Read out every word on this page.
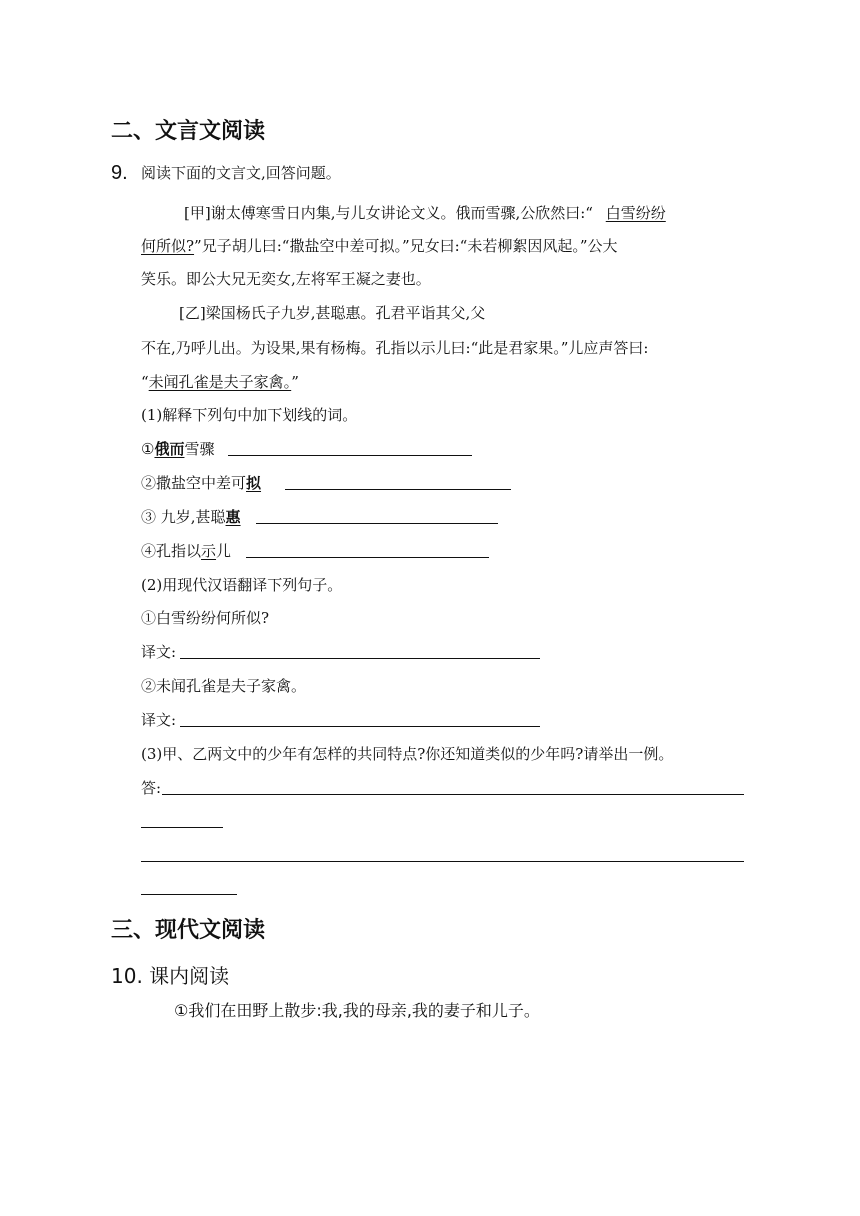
二、文言文阅读
9. 阅读下面的文言文,回答问题。
[甲]谢太傅寒雪日内集,与儿女讲论文义。俄而雪骤,公欣然曰:“ 白雪纷纷
何所似?”兄子胡儿曰:“撒盐空中差可拟。”兄女曰:“未若柳絮因风起。”公大
笑乐。即公大兄无奕女,左将军王凝之妻也。
[乙]梁国杨氏子九岁,甚聪惠。孔君平诣其父,父
不在,乃呼儿出。为设果,果有杨梅。孔指以示儿曰:“此是君家果。”儿应声答曰:
“未闻孔雀是夫子家禽。”
(1)解释下列句中加下划线的词。
①俄而雪骤
②撒盐空中差可拟
③ 九岁,甚聪惠
④孔指以示儿
(2)用现代汉语翻译下列句子。
①白雪纷纷何所似?
译文:
②未闻孔雀是夫子家禽。
译文:
(3)甲、乙两文中的少年有怎样的共同特点?你还知道类似的少年吗?请举出一例。
答:
三、现代文阅读
10. 课内阅读
①我们在田野上散步:我,我的母亲,我的妻子和儿子。
